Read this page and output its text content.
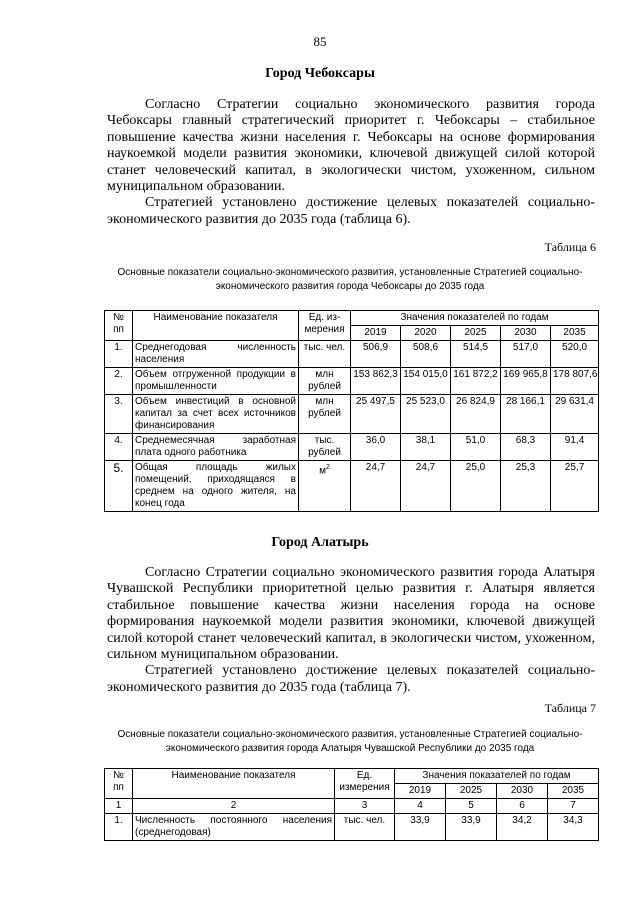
85
Город Чебоксары

Согласно Стратегии социально экономического развития города Чебоксары главный стратегический приоритет г. Чебоксары – стабильное повышение качества жизни населения г. Чебоксары на основе формирования наукоемкой модели развития экономики, ключевой движущей силой которой станет человеческий капитал, в экологически чистом, ухоженном, сильном муниципальном образовании.

Стратегией установлено достижение целевых показателей социально-экономического развития до 2035 года (таблица 6).

Таблица 6
Основные показатели социально-экономического развития, установленные Стратегией социально-экономического развития города Чебоксары до 2035 года
№ пп	Наименование показателя	Ед. из-мерения	Значения показателей по годам				
			2019	2020	2025	2030	2035
1.	Среднегодовая численность населения	тыс. чел.	506,9	508,6	514,5	517,0	520,0
2.	Объем отгруженной продукции в промышленности	млн рублей	153 862,3	154 015,0	161 872,2	169 965,8	178 807,6
3.	Объем инвестиций в основной капитал за счет всех источников финансирования	млн рублей	25 497,5	25 523,0	26 824,9	28 166,1	29 631,4
4.	Среднемесячная заработная плата одного работника	тыс. рублей	36,0	38,1	51,0	68,3	91,4
5.	Общая площадь жилых помещений, приходящаяся в среднем на одного жителя, на конец года	$м^2$	24,7	24,7	25,0	25,3	25,7
Город Алатырь

Согласно Стратегии социально экономического развития города Алатыря Чувашской Республики приоритетной целью развития г. Алатыря является стабильное повышение качества жизни населения города на основе формирования наукоемкой модели развития экономики, ключевой движущей силой которой станет человеческий капитал, в экологически чистом, ухоженном, сильном муниципальном образовании.

Стратегией установлено достижение целевых показателей социально-экономического развития до 2035 года (таблица 7).

Таблица 7
Основные показатели социально-экономического развития, установленные Стратегией социально-экономического развития города Алатыря Чувашской Республики до 2035 года
№ пп	Наименование показателя	Ед. измерения	Значения показателей по годам			
			2019	2025	2030	2035
1	2	3	4	5	6	7
1.	Численность постоянного населения (среднегодовая)	тыс. чел.	33,9	33,9	34,2	34,3
